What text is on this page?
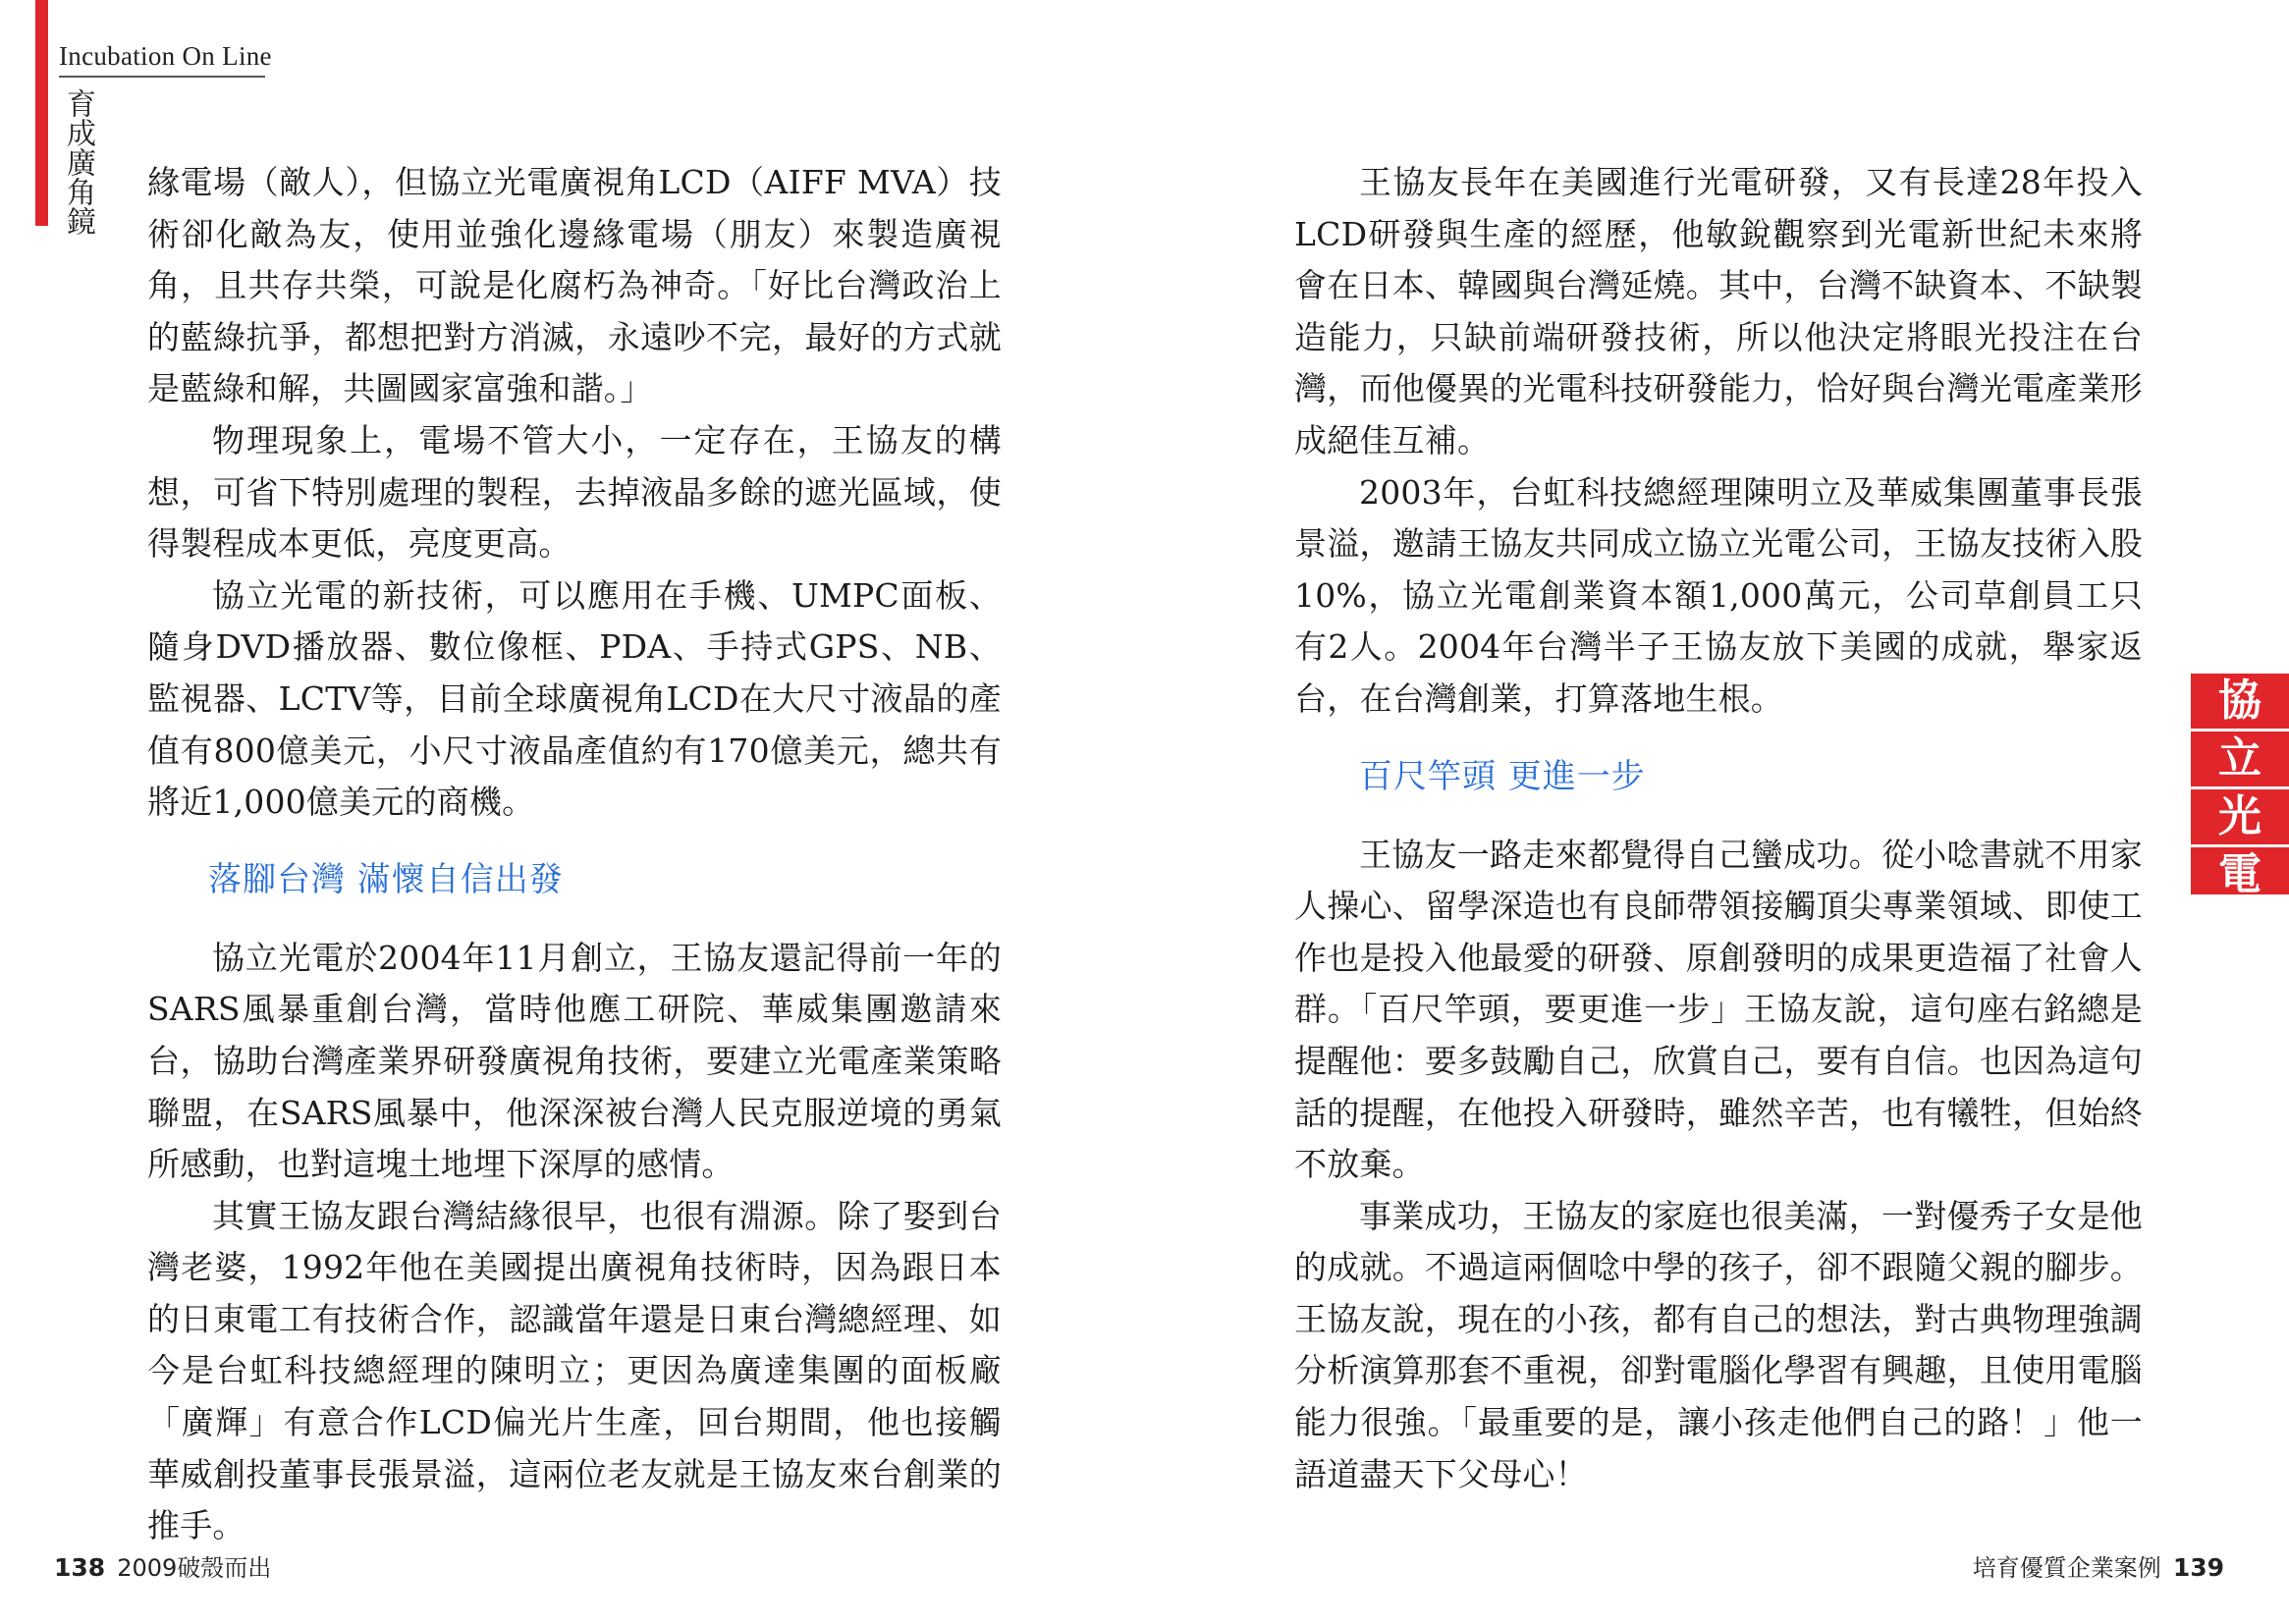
Incubation On Line
育成廣角鏡 緣電場（敵人），但協立光電廣視角LCD（AIFF MVA）技術卻化敵為友，使用並強化邊緣電場（朋友）來製造廣視角，且共存共榮，可說是化腐朽為神奇。「好比台灣政治上的藍綠抗爭，都想把對方消滅，永遠吵不完，最好的方式就是藍綠和解，共圖國家富強和諧。」

物理現象上，電場不管大小，一定存在，王協友的構想，可省下特別處理的製程，去掉液晶多餘的遮光區域，使得製程成本更低，亮度更高。

協立光電的新技術，可以應用在手機、UMPC面板、隨身DVD播放器、數位像框、PDA、手持式GPS、NB、監視器、LCTV等，目前全球廣視角LCD在大尺寸液晶的產值有800億美元，小尺寸液晶產值約有170億美元，總共有將近1,000億美元的商機。

落腳台灣 滿懷自信出發

協立光電於2004年11月創立，王協友還記得前一年的SARS風暴重創台灣，當時他應工研院、華威集團邀請來台，協助台灣產業界研發廣視角技術，要建立光電產業策略聯盟，在SARS風暴中，他深深被台灣人民克服逆境的勇氣所感動，也對這塊土地埋下深厚的感情。

其實王協友跟台灣結緣很早，也很有淵源。除了娶到台灣老婆，1992年他在美國提出廣視角技術時，因為跟日本的日東電工有技術合作，認識當年還是日東台灣總經理、如今是台虹科技總經理的陳明立；更因為廣達集團的面板廠「廣輝」有意合作LCD偏光片生產，回台期間，他也接觸華威創投董事長張景溢，這兩位老友就是王協友來台創業的推手。

王協友長年在美國進行光電研發，又有長達28年投入LCD研發與生產的經歷，他敏銳觀察到光電新世紀未來將會在日本、韓國與台灣延燒。其中，台灣不缺資本、不缺製造能力，只缺前端研發技術，所以他決定將眼光投注在台灣，而他優異的光電科技研發能力，恰好與台灣光電產業形成絕佳互補。

2003年，台虹科技總經理陳明立及華威集團董事長張景溢，邀請王協友共同成立協立光電公司，王協友技術入股10%，協立光電創業資本額1,000萬元，公司草創員工只有2人。2004年台灣半子王協友放下美國的成就，舉家返台，在台灣創業，打算落地生根。

百尺竿頭 更進一步

王協友一路走來都覺得自己蠻成功。從小唸書就不用家人操心、留學深造也有良師帶領接觸頂尖專業領域、即使工作也是投入他最愛的研發、原創發明的成果更造福了社會人群。「百尺竿頭，要更進一步」王協友說，這句座右銘總是提醒他：要多鼓勵自己，欣賞自己，要有自信。也因為這句話的提醒，在他投入研發時，雖然辛苦，也有犧牲，但始終不放棄。

事業成功，王協友的家庭也很美滿，一對優秀子女是他的成就。不過這兩個唸中學的孩子，卻不跟隨父親的腳步。王協友說，現在的小孩，都有自己的想法，對古典物理強調分析演算那套不重視，卻對電腦化學習有興趣，且使用電腦能力很強。「最重要的是，讓小孩走他們自己的路！」他一語道盡天下父母心！

協
立
光
電
138 2009破殼而出	培育優質企業案例 139
